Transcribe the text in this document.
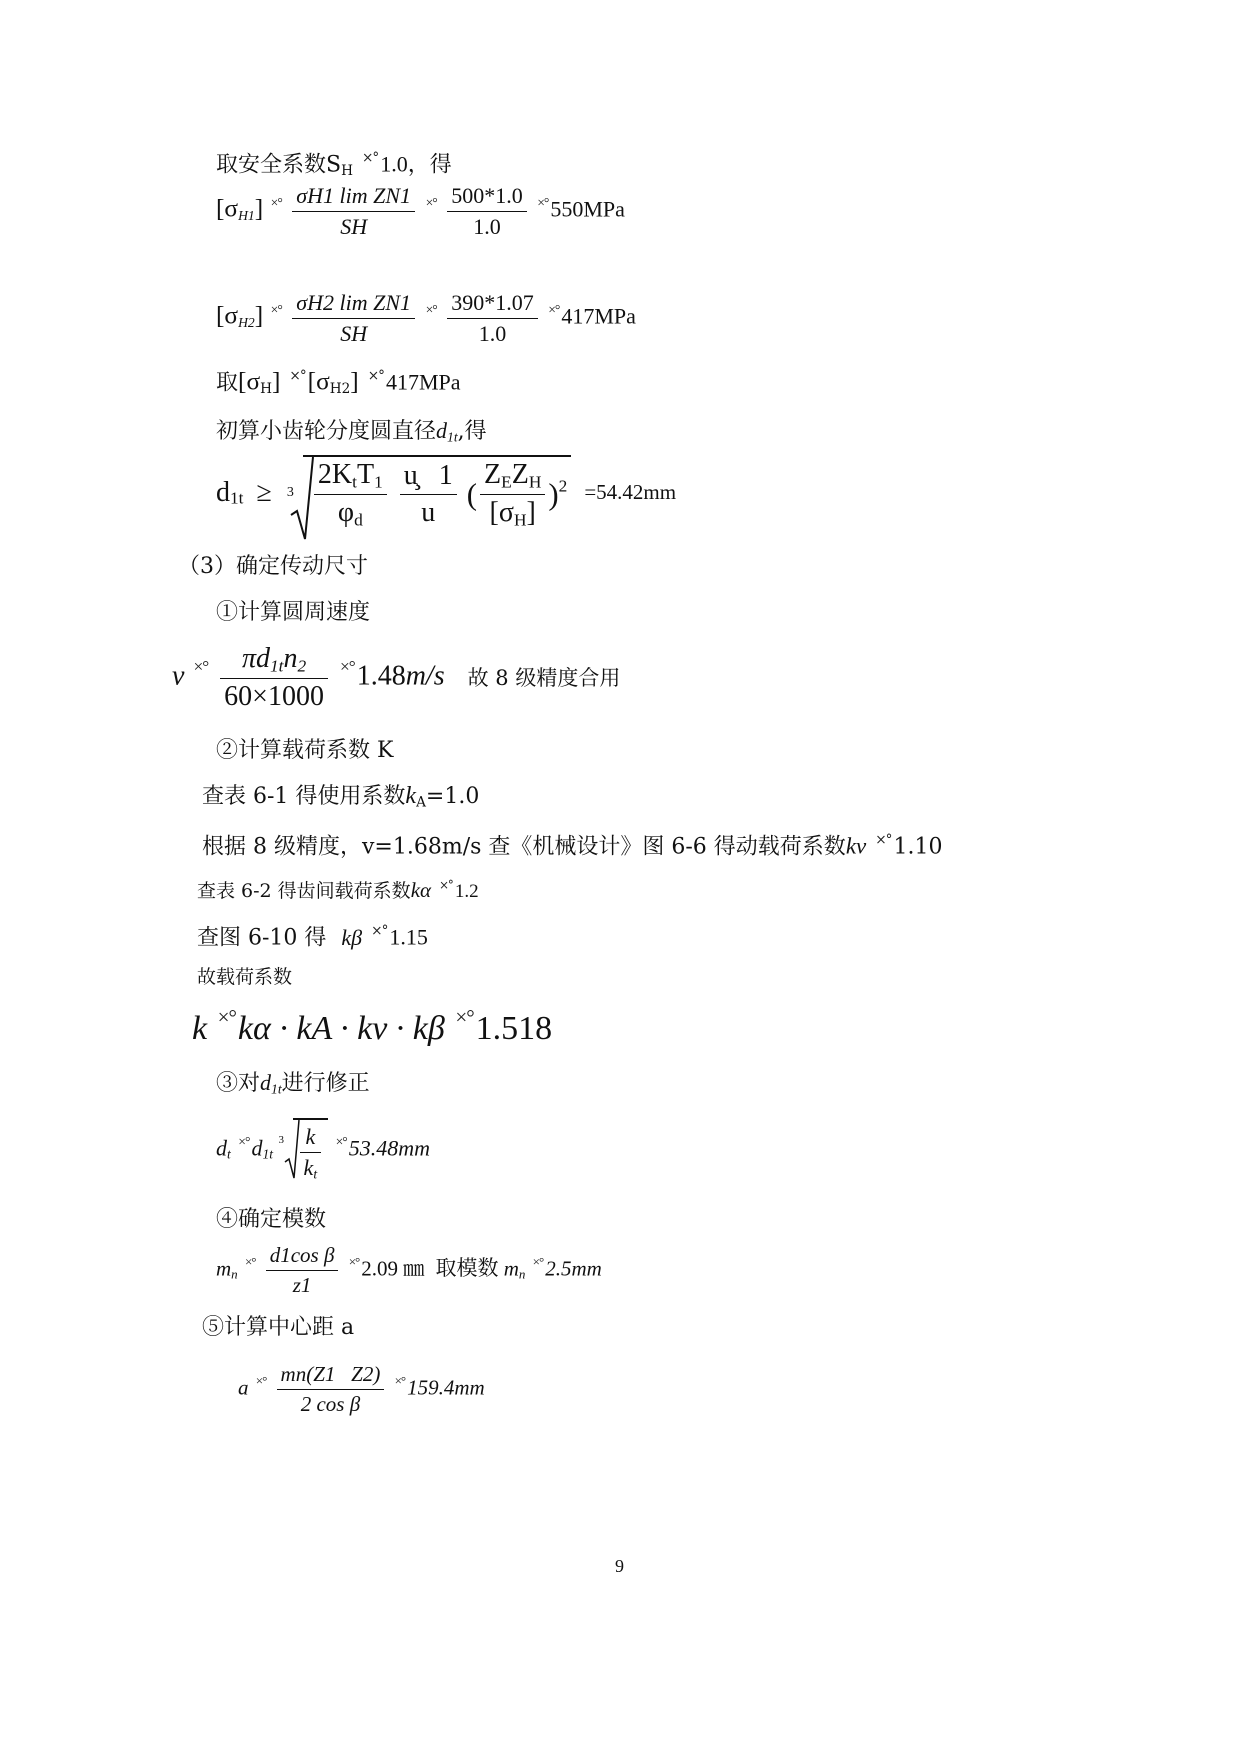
取安全系数$S_H$ ×°1.0，得
$[\sigma_{H1}]$ $^{\times^\circ} \frac{\text{σH1 lim ZN1}}{SH} ^{\times^\circ} \frac{500*1.0}{1.0} ^{\times^\circ}550MPa$
$[\sigma_{H2}]$ $^{\times^\circ} \frac{\text{σH2 lim ZN1}}{SH} ^{\times^\circ} \frac{390*1.07}{1.0} ^{\times^\circ}417MPa$
取$[\sigma_H]$ $^{\times^\circ}[\sigma_{H2}]$ ×°417MPa
初算小齿轮分度圆直径$d_{1t}$,得
$d_{1t} \ge 3 \frac{2K_tT_1}{\varphi_d}$
$\frac{u̧ 1}{u}$ ( $\frac{Z_EZ_H}{[\sigma_H]} )^2 =54.42mm$
（3）确定传动尺寸
①计算圆周速度
v $^{\times^\circ} \frac{\pi d_{1t}n_2}{60\times 1000} ^{\times^\circ}1.48m/s$ 故 8 级精度合用
②计算载荷系数 K
查表 6-1 得使用系数$k_A=1.0$
根据 8 级精度，v=1.68m/s 查《机械设计》图 6-6 得动载荷系数kv ×°1.10
查表 6-2 得齿间载荷系数kα ×° 1.2
查图 6-10 得 kβ ×°1.15
故载荷系数
k ×°kα · kA · kv · kβ ×°1.518
③对$d_{1t}$进行修正
$d_t$ $^{\times^\circ}d_{1t}$
$3 \frac{k}{k_t} ^{\times^\circ}53.48mm$
④确定模数
$m_n$ $^{\times^\circ} \frac{\text{d1cos β}}{z1} ^{\times^\circ}2.09$ ㎜ 取模数 $m_n$ ×°2.5mm
⑤计算中心距 a
a $^{\times^\circ} \frac{mn(Z1 Z2)}{\text{2 cos β}} ^{\times^\circ}159.4mm$
9
